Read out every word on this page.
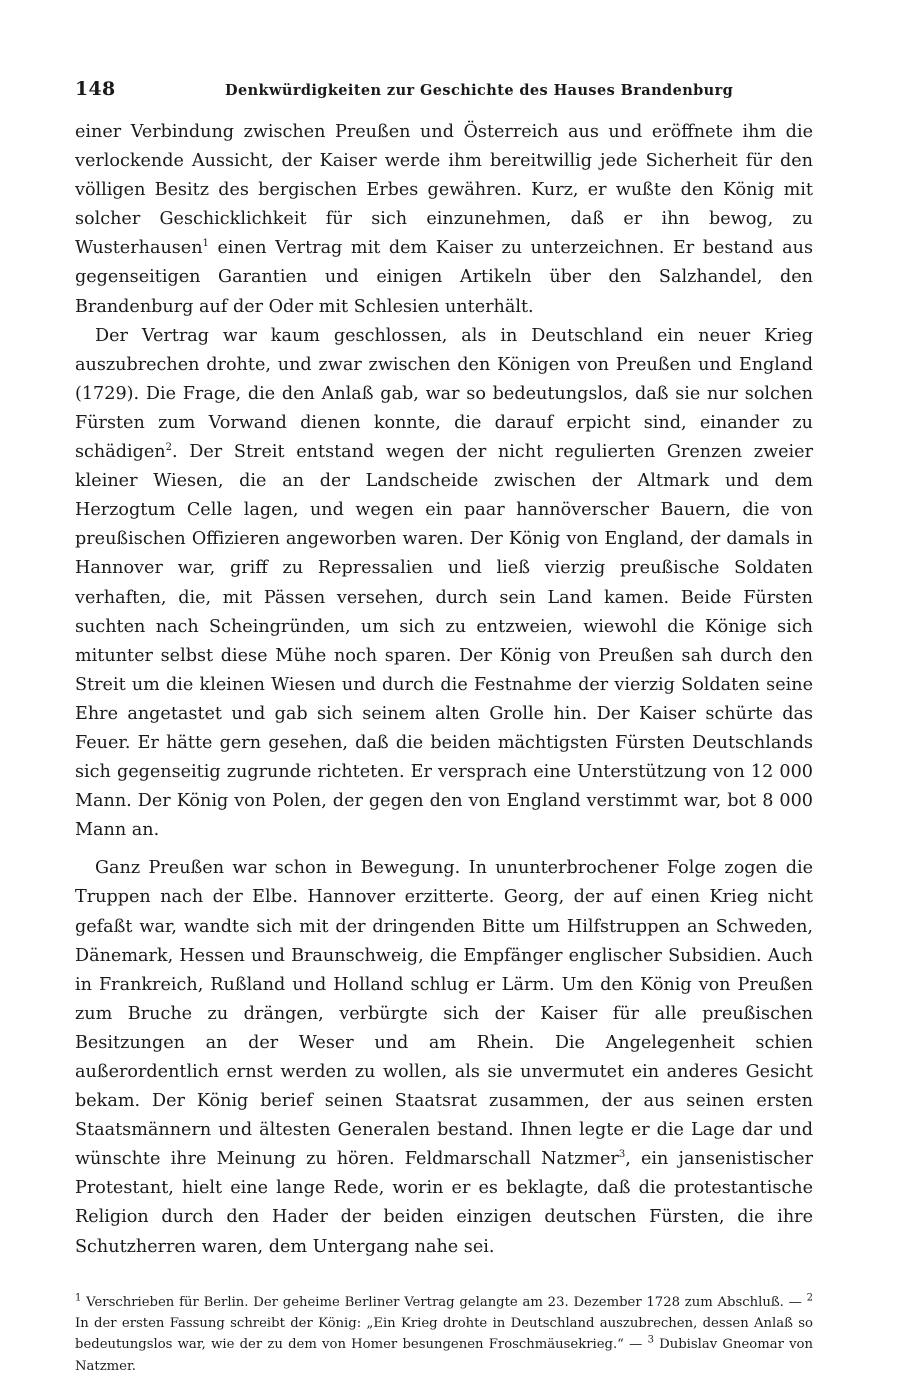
148	Denkwürdigkeiten zur Geschichte des Hauses Brandenburg

einer Verbindung zwischen Preußen und Österreich aus und eröffnete ihm die verlockende Aussicht, der Kaiser werde ihm bereitwillig jede Sicherheit für den völligen Besitz des bergischen Erbes gewähren. Kurz, er wußte den König mit solcher Geschicklichkeit für sich einzunehmen, daß er ihn bewog, zu Wusterhausen$^1$ einen Vertrag mit dem Kaiser zu unterzeichnen. Er bestand aus gegenseitigen Garantien und einigen Artikeln über den Salzhandel, den Brandenburg auf der Oder mit Schlesien unterhält.

Der Vertrag war kaum geschlossen, als in Deutschland ein neuer Krieg auszubrechen drohte, und zwar zwischen den Königen von Preußen und England (1729). Die Frage, die den Anlaß gab, war so bedeutungslos, daß sie nur solchen Fürsten zum Vorwand dienen konnte, die darauf erpicht sind, einander zu schädigen$^2$. Der Streit entstand wegen der nicht regulierten Grenzen zweier kleiner Wiesen, die an der Landscheide zwischen der Altmark und dem Herzogtum Celle lagen, und wegen ein paar hannöverscher Bauern, die von preußischen Offizieren angeworben waren. Der König von England, der damals in Hannover war, griff zu Repressalien und ließ vierzig preußische Soldaten verhaften, die, mit Pässen versehen, durch sein Land kamen. Beide Fürsten suchten nach Scheingründen, um sich zu entzweien, wiewohl die Könige sich mitunter selbst diese Mühe noch sparen. Der König von Preußen sah durch den Streit um die kleinen Wiesen und durch die Festnahme der vierzig Soldaten seine Ehre angetastet und gab sich seinem alten Grolle hin. Der Kaiser schürte das Feuer. Er hätte gern gesehen, daß die beiden mächtigsten Fürsten Deutschlands sich gegenseitig zugrunde richteten. Er versprach eine Unterstützung von 12 000 Mann. Der König von Polen, der gegen den von England verstimmt war, bot 8 000 Mann an.

Ganz Preußen war schon in Bewegung. In ununterbrochener Folge zogen die Truppen nach der Elbe. Hannover erzitterte. Georg, der auf einen Krieg nicht gefaßt war, wandte sich mit der dringenden Bitte um Hilfstruppen an Schweden, Dänemark, Hessen und Braunschweig, die Empfänger englischer Subsidien. Auch in Frankreich, Rußland und Holland schlug er Lärm. Um den König von Preußen zum Bruche zu drängen, verbürgte sich der Kaiser für alle preußischen Besitzungen an der Weser und am Rhein. Die Angelegenheit schien außerordentlich ernst werden zu wollen, als sie unvermutet ein anderes Gesicht bekam. Der König berief seinen Staatsrat zusammen, der aus seinen ersten Staatsmännern und ältesten Generalen bestand. Ihnen legte er die Lage dar und wünschte ihre Meinung zu hören. Feldmarschall Natzmer$^3$, ein jansenistischer Protestant, hielt eine lange Rede, worin er es beklagte, daß die protestantische Religion durch den Hader der beiden einzigen deutschen Fürsten, die ihre Schutzherren waren, dem Untergang nahe sei.

$^1$ Verschrieben für Berlin. Der geheime Berliner Vertrag gelangte am 23. Dezember 1728 zum Abschluß. — $^2$ In der ersten Fassung schreibt der König: „Ein Krieg drohte in Deutschland auszubrechen, dessen Anlaß so bedeutungslos war, wie der zu dem von Homer besungenen Froschmäusekrieg.“ — $^3$ Dubislav Gneomar von Natzmer.
